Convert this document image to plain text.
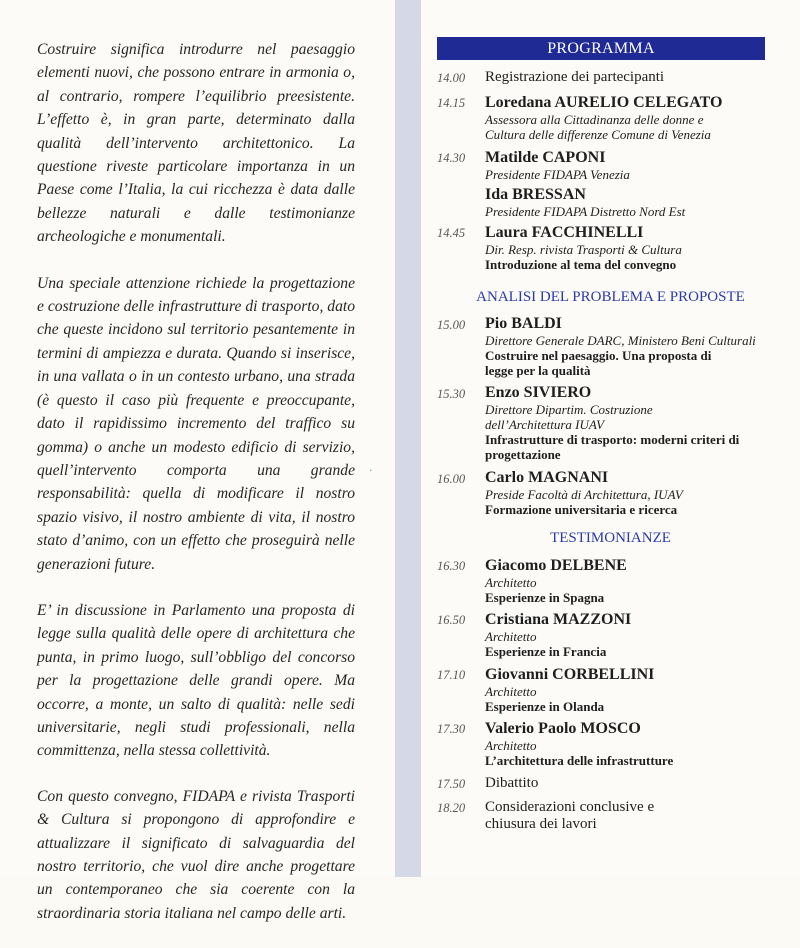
Costruire significa introdurre nel paesaggio elementi nuovi, che possono entrare in armonia o, al contrario, rompere l’equilibrio preesistente. L’effetto è, in gran parte, determinato dalla qualità dell’intervento architettonico. La questione riveste particolare importanza in un Paese come l’Italia, la cui ricchezza è data dalle bellezze naturali e dalle testimonianze archeologiche e monumentali.

Una speciale attenzione richiede la progettazione e costruzione delle infrastrutture di trasporto, dato che queste incidono sul territorio pesantemente in termini di ampiezza e durata. Quando si inserisce, in una vallata o in un contesto urbano, una strada (è questo il caso più frequente e preoccupante, dato il rapidissimo incremento del traffico su gomma) o anche un modesto edificio di servizio, quell’intervento comporta una grande responsabilità: quella di modificare il nostro spazio visivo, il nostro ambiente di vita, il nostro stato d’animo, con un effetto che proseguirà nelle generazioni future.

E’ in discussione in Parlamento una proposta di legge sulla qualità delle opere di architettura che punta, in primo luogo, sull’obbligo del concorso per la progettazione delle grandi opere. Ma occorre, a monte, un salto di qualità: nelle sedi universitarie, negli studi professionali, nella committenza, nella stessa collettività.

Con questo convegno, FIDAPA e rivista Trasporti & Cultura si propongono di approfondire e attualizzare il significato di salvaguardia del nostro territorio, che vuol dire anche progettare un contemporaneo che sia coerente con la straordinaria storia italiana nel campo delle arti.

·
PROGRAMMA
14.00 Registrazione dei partecipanti
14.15 Loredana AURELIO CELEGATO
Assessora alla Cittadinanza delle donne e Cultura delle differenze Comune di Venezia
14.30 Matilde CAPONI
Presidente FIDAPA Venezia
Ida BRESSAN
Presidente FIDAPA Distretto Nord Est
14.45 Laura FACCHINELLI
Dir. Resp. rivista Trasporti & Cultura
Introduzione al tema del convegno
ANALISI DEL PROBLEMA E PROPOSTE
15.00 Pio BALDI
Direttore Generale DARC, Ministero Beni Culturali
Costruire nel paesaggio. Una proposta di legge per la qualità
15.30 Enzo SIVIERO
Direttore Dipartim. Costruzione dell’Architettura IUAV
Infrastrutture di trasporto: moderni criteri di progettazione
16.00 Carlo MAGNANI
Preside Facoltà di Architettura, IUAV
Formazione universitaria e ricerca
TESTIMONIANZE
16.30 Giacomo DELBENE
Architetto
Esperienze in Spagna
16.50 Cristiana MAZZONI
Architetto
Esperienze in Francia
17.10 Giovanni CORBELLINI
Architetto
Esperienze in Olanda
17.30 Valerio Paolo MOSCO
Architetto
L’architettura delle infrastrutture
17.50 Dibattito
18.20 Considerazioni conclusive e chiusura dei lavori
